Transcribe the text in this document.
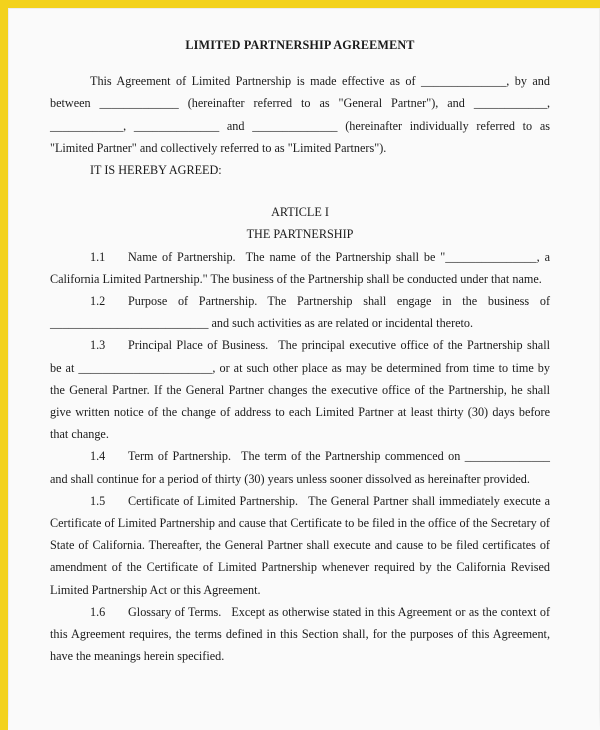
LIMITED PARTNERSHIP AGREEMENT

This Agreement of Limited Partnership is made effective as of ______________, by and between _____________ (hereinafter referred to as "General Partner"), and ____________, ____________, ______________ and ______________ (hereinafter individually referred to as "Limited Partner" and collectively referred to as "Limited Partners").

IT IS HEREBY AGREED:

ARTICLE I

THE PARTNERSHIP

1.1 Name of Partnership. The name of the Partnership shall be "_______________, a California Limited Partnership." The business of the Partnership shall be conducted under that name.

1.2 Purpose of Partnership. The Partnership shall engage in the business of __________________________ and such activities as are related or incidental thereto.

1.3 Principal Place of Business. The principal executive office of the Partnership shall be at ______________________, or at such other place as may be determined from time to time by the General Partner. If the General Partner changes the executive office of the Partnership, he shall give written notice of the change of address to each Limited Partner at least thirty (30) days before that change.

1.4 Term of Partnership. The term of the Partnership commenced on ______________ and shall continue for a period of thirty (30) years unless sooner dissolved as hereinafter provided.

1.5 Certificate of Limited Partnership. The General Partner shall immediately execute a Certificate of Limited Partnership and cause that Certificate to be filed in the office of the Secretary of State of California. Thereafter, the General Partner shall execute and cause to be filed certificates of amendment of the Certificate of Limited Partnership whenever required by the California Revised Limited Partnership Act or this Agreement.

1.6 Glossary of Terms. Except as otherwise stated in this Agreement or as the context of this Agreement requires, the terms defined in this Section shall, for the purposes of this Agreement, have the meanings herein specified.
